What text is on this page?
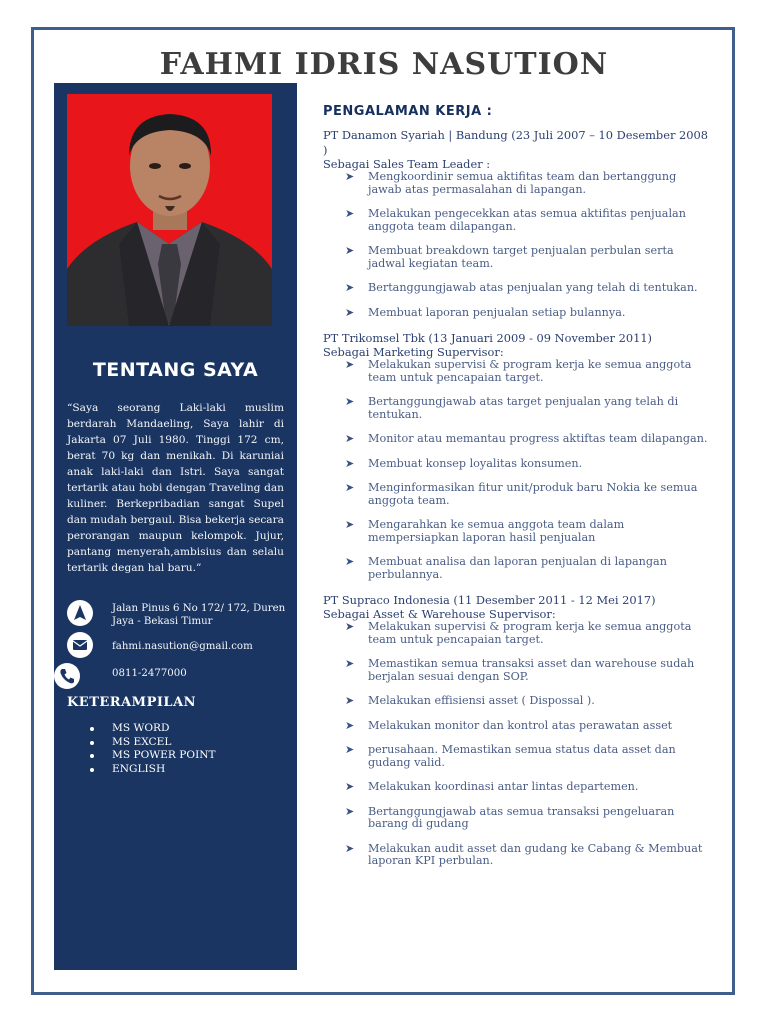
FAHMI IDRIS NASUTION
TENTANG SAYA
“Saya seorang Laki-laki muslim berdarah Mandaeling, Saya lahir di Jakarta 07 Juli 1980. Tinggi 172 cm, berat 70 kg dan menikah. Di karuniai anak laki-laki dan Istri. Saya sangat tertarik atau hobi dengan Traveling dan kuliner. Berkepribadian sangat Supel dan mudah bergaul. Bisa bekerja secara perorangan maupun kelompok. Jujur, pantang menyerah,ambisius dan selalu tertarik degan hal baru.”
Jalan Pinus 6 No 172/ 172, Duren Jaya - Bekasi Timur
fahmi.nasution@gmail.com
0811-2477000
KETERAMPILAN
MS WORD
MS EXCEL
MS POWER POINT
ENGLISH
PENGALAMAN KERJA :
PT Danamon Syariah | Bandung (23 Juli 2007 – 10 Desember 2008 )
Sebagai Sales Team Leader :
➤ Mengkoordinir semua aktifitas team dan bertanggung jawab atas permasalahan di lapangan.
➤ Melakukan pengecekkan atas semua aktifitas penjualan anggota team dilapangan.
➤ Membuat breakdown target penjualan perbulan serta jadwal kegiatan team.
➤ Bertanggungjawab atas penjualan yang telah di tentukan.
➤ Membuat laporan penjualan setiap bulannya.
PT Trikomsel Tbk (13 Januari 2009 - 09 November 2011)
Sebagai Marketing Supervisor:
➤ Melakukan supervisi & program kerja ke semua anggota team untuk pencapaian target.
➤ Bertanggungjawab atas target penjualan yang telah di tentukan.
➤ Monitor atau memantau progress aktiftas team dilapangan.
➤ Membuat konsep loyalitas konsumen.
➤ Menginformasikan fitur unit/produk baru Nokia ke semua anggota team.
➤ Mengarahkan ke semua anggota team dalam mempersiapkan laporan hasil penjualan
➤ Membuat analisa dan laporan penjualan di lapangan perbulannya.
PT Supraco Indonesia (11 Desember 2011 - 12 Mei 2017)
Sebagai Asset & Warehouse Supervisor:
➤ Melakukan supervisi & program kerja ke semua anggota team untuk pencapaian target.
➤ Memastikan semua transaksi asset dan warehouse sudah berjalan sesuai dengan SOP.
➤ Melakukan effisiensi asset ( Dispossal ).
➤ Melakukan monitor dan kontrol atas perawatan asset
➤ perusahaan. Memastikan semua status data asset dan gudang valid.
➤ Melakukan koordinasi antar lintas departemen.
➤ Bertanggungjawab atas semua transaksi pengeluaran barang di gudang
➤ Melakukan audit asset dan gudang ke Cabang & Membuat laporan KPI perbulan.
